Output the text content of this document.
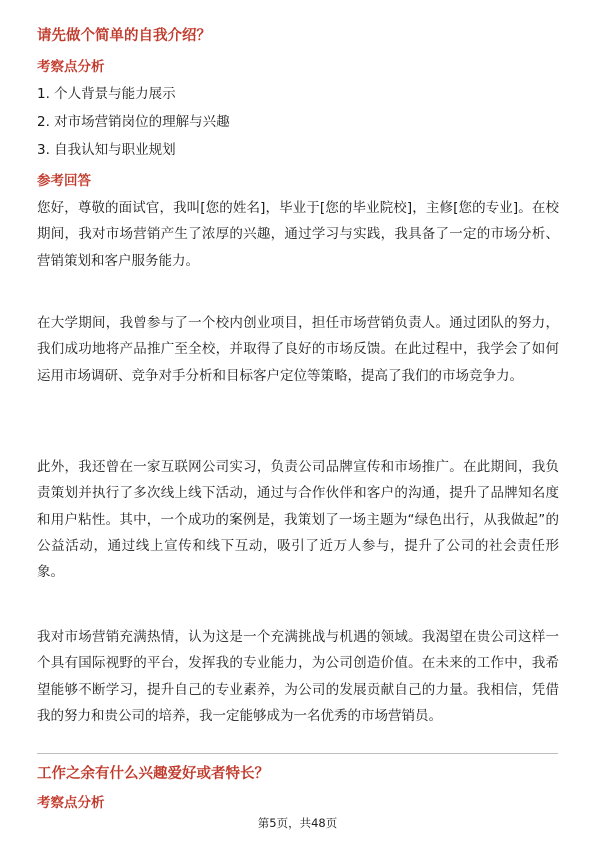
请先做个简单的自我介绍？
考察点分析
1. 个人背景与能力展示
2. 对市场营销岗位的理解与兴趣
3. 自我认知与职业规划
参考回答

您好，尊敬的面试官，我叫[您的姓名]，毕业于[您的毕业院校]，主修[您的专业]。在校期间，我对市场营销产生了浓厚的兴趣，通过学习与实践，我具备了一定的市场分析、营销策划和客户服务能力。

在大学期间，我曾参与了一个校内创业项目，担任市场营销负责人。通过团队的努力，我们成功地将产品推广至全校，并取得了良好的市场反馈。在此过程中，我学会了如何运用市场调研、竞争对手分析和目标客户定位等策略，提高了我们的市场竞争力。

此外，我还曾在一家互联网公司实习，负责公司品牌宣传和市场推广。在此期间，我负责策划并执行了多次线上线下活动，通过与合作伙伴和客户的沟通，提升了品牌知名度和用户粘性。其中，一个成功的案例是，我策划了一场主题为“绿色出行，从我做起”的公益活动，通过线上宣传和线下互动，吸引了近万人参与，提升了公司的社会责任形象。

我对市场营销充满热情，认为这是一个充满挑战与机遇的领域。我渴望在贵公司这样一个具有国际视野的平台，发挥我的专业能力，为公司创造价值。在未来的工作中，我希望能够不断学习，提升自己的专业素养，为公司的发展贡献自己的力量。我相信，凭借我的努力和贵公司的培养，我一定能够成为一名优秀的市场营销员。

工作之余有什么兴趣爱好或者特长？
考察点分析
第5页，共48页
